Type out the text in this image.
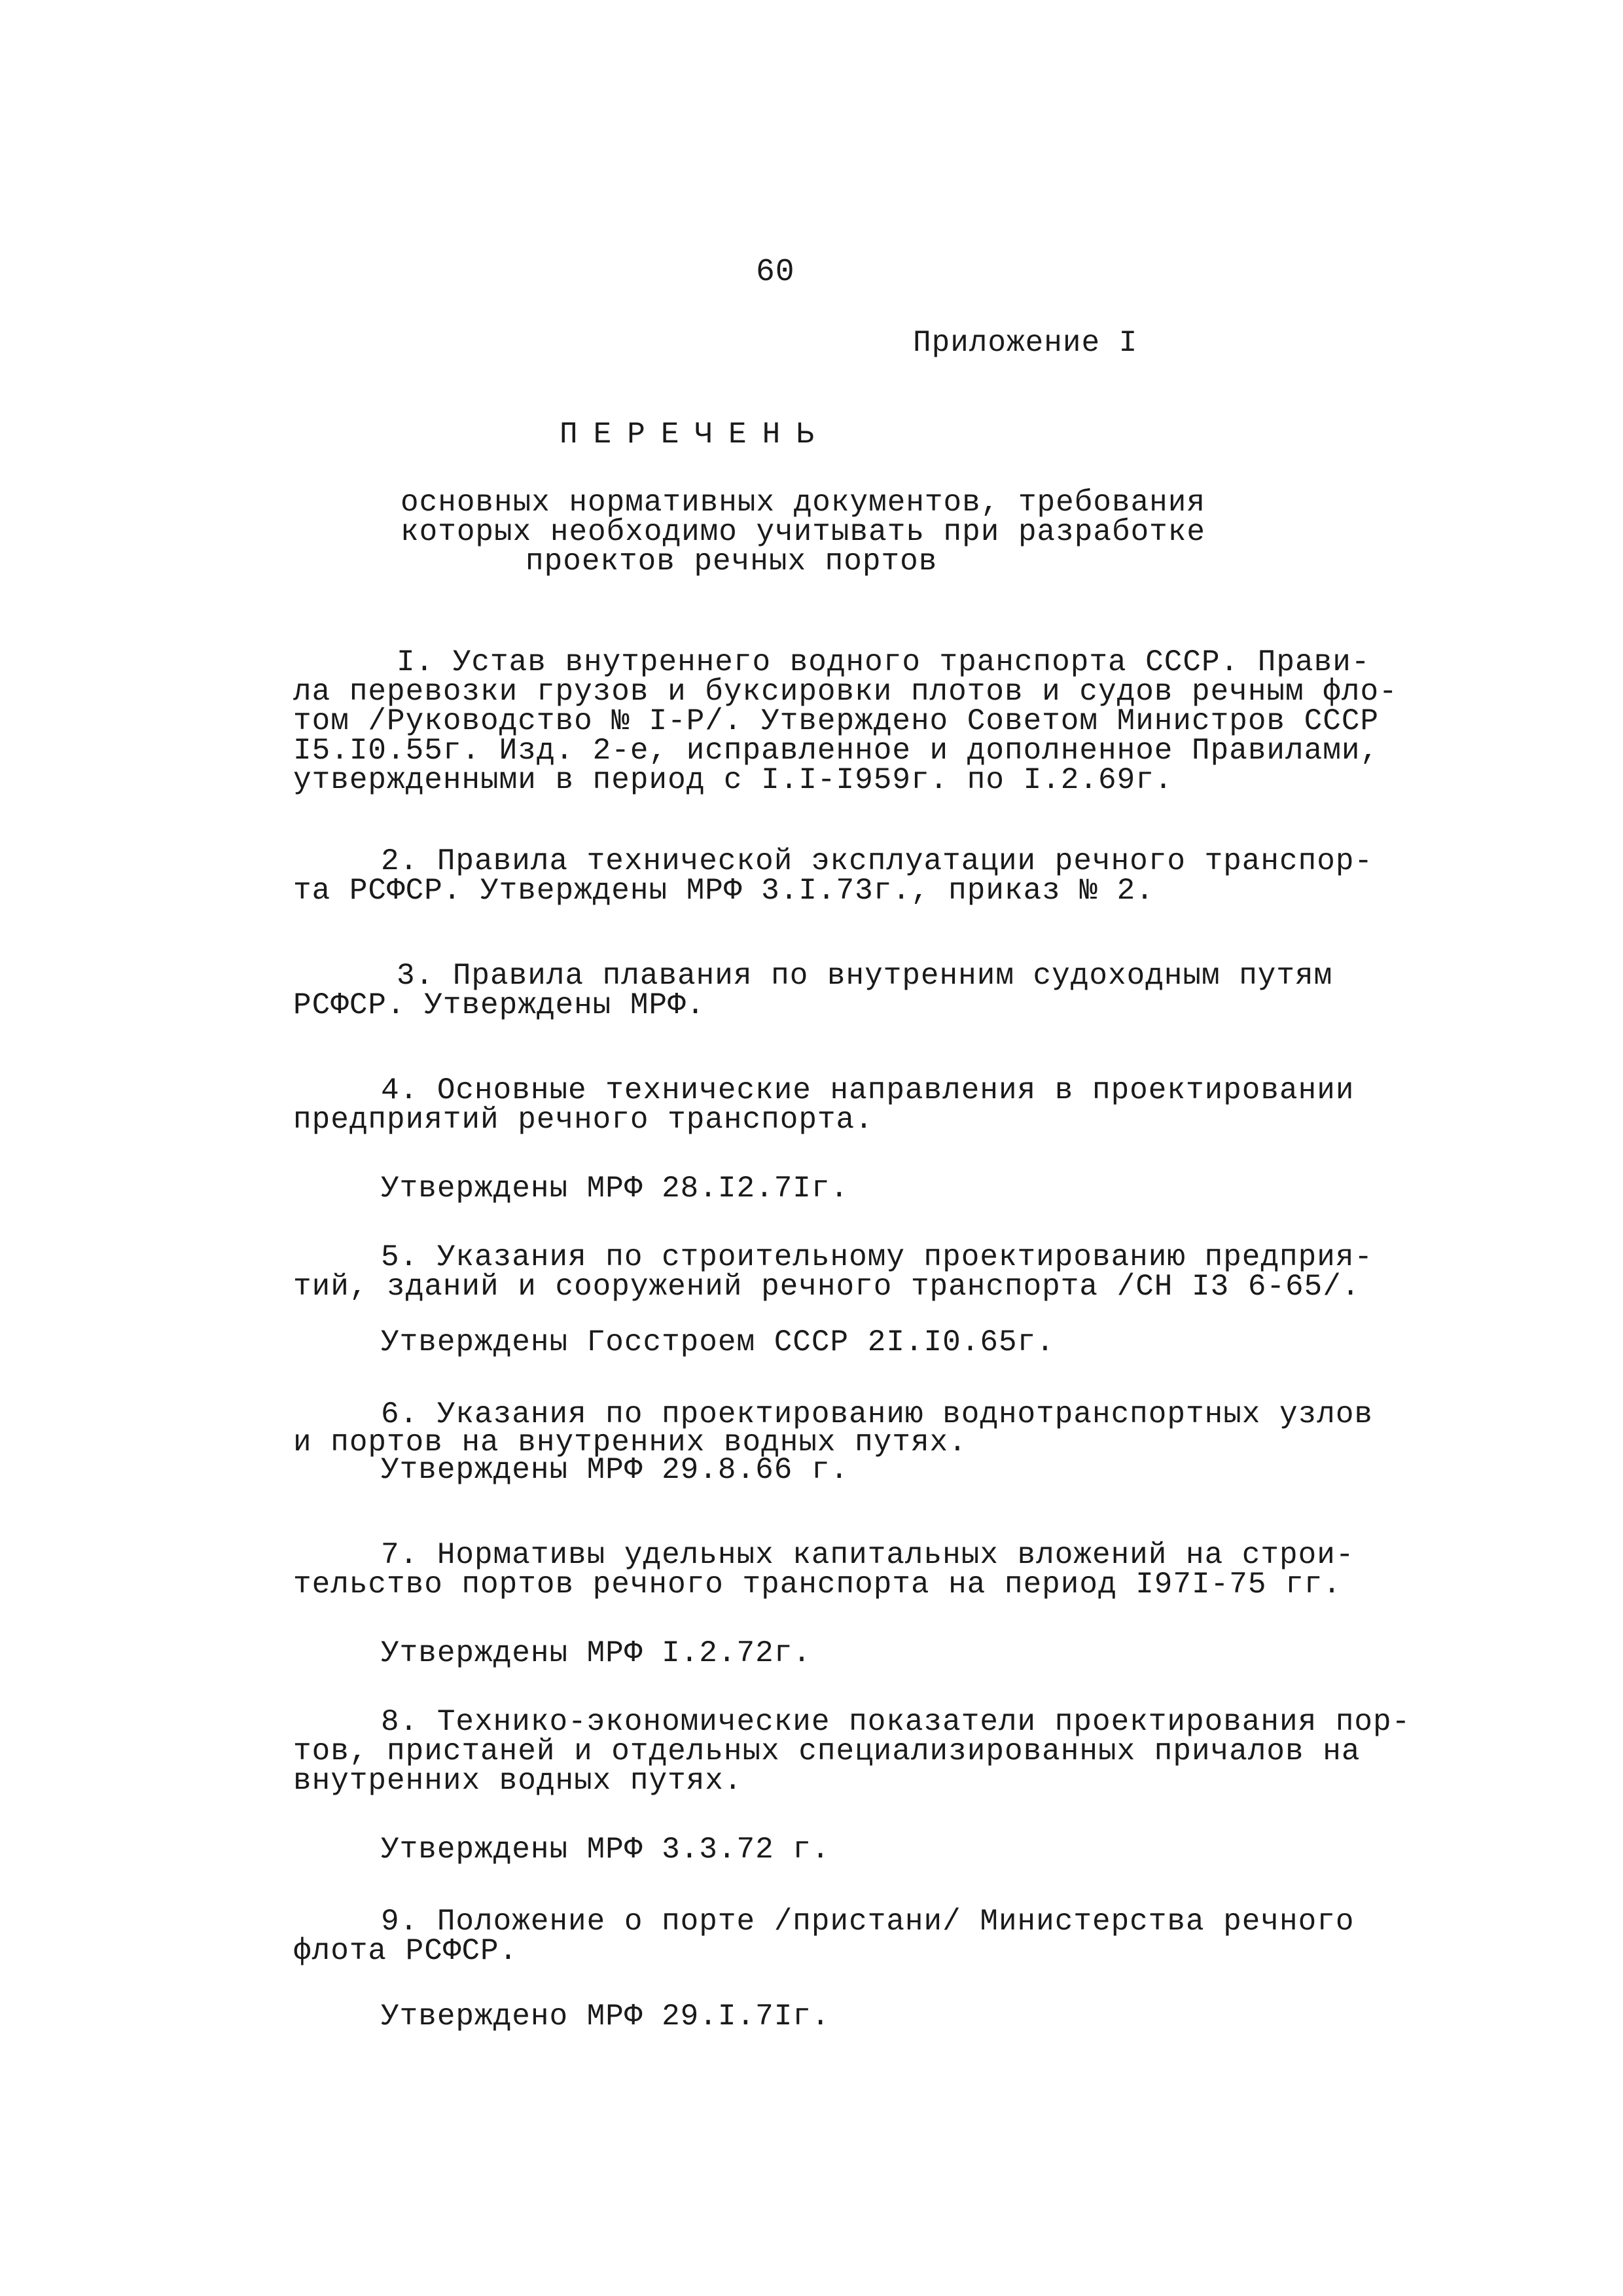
60
Приложение I
ПЕРЕЧЕНЬ
основных нормативных документов, требования
которых необходимо учитывать при разработке
проектов речных портов
I. Устав внутреннего водного транспорта СССР. Прави-
ла перевозки грузов и буксировки плотов и судов речным фло-
том /Руководство № I-Р/. Утверждено Советом Министров СССР
I5.I0.55г. Изд. 2-е, исправленное и дополненное Правилами,
утвержденными в период с I.I-I959г. по I.2.69г.
2. Правила технической эксплуатации речного транспор-
та РСФСР. Утверждены МРФ 3.I.73г., приказ № 2.
3. Правила плавания по внутренним судоходным путям
РСФСР. Утверждены МРФ.
4. Основные технические направления в проектировании
предприятий речного транспорта.
Утверждены МРФ 28.I2.7Iг.
5. Указания по строительному проектированию предприя-
тий, зданий и сооружений речного транспорта /СН I3 6-65/.
Утверждены Госстроем СССР 2I.I0.65г.
6. Указания по проектированию воднотранспортных узлов
и портов на внутренних водных путях.
Утверждены МРФ 29.8.66 г.
7. Нормативы удельных капитальных вложений на строи-
тельство портов речного транспорта на период I97I-75 гг.
Утверждены МРФ I.2.72г.
8. Технико-экономические показатели проектирования пор-
тов, пристаней и отдельных специализированных причалов на
внутренних водных путях.
Утверждены МРФ 3.3.72 г.
9. Положение о порте /пристани/ Министерства речного
флота РСФСР.
Утверждено МРФ 29.I.7Iг.
